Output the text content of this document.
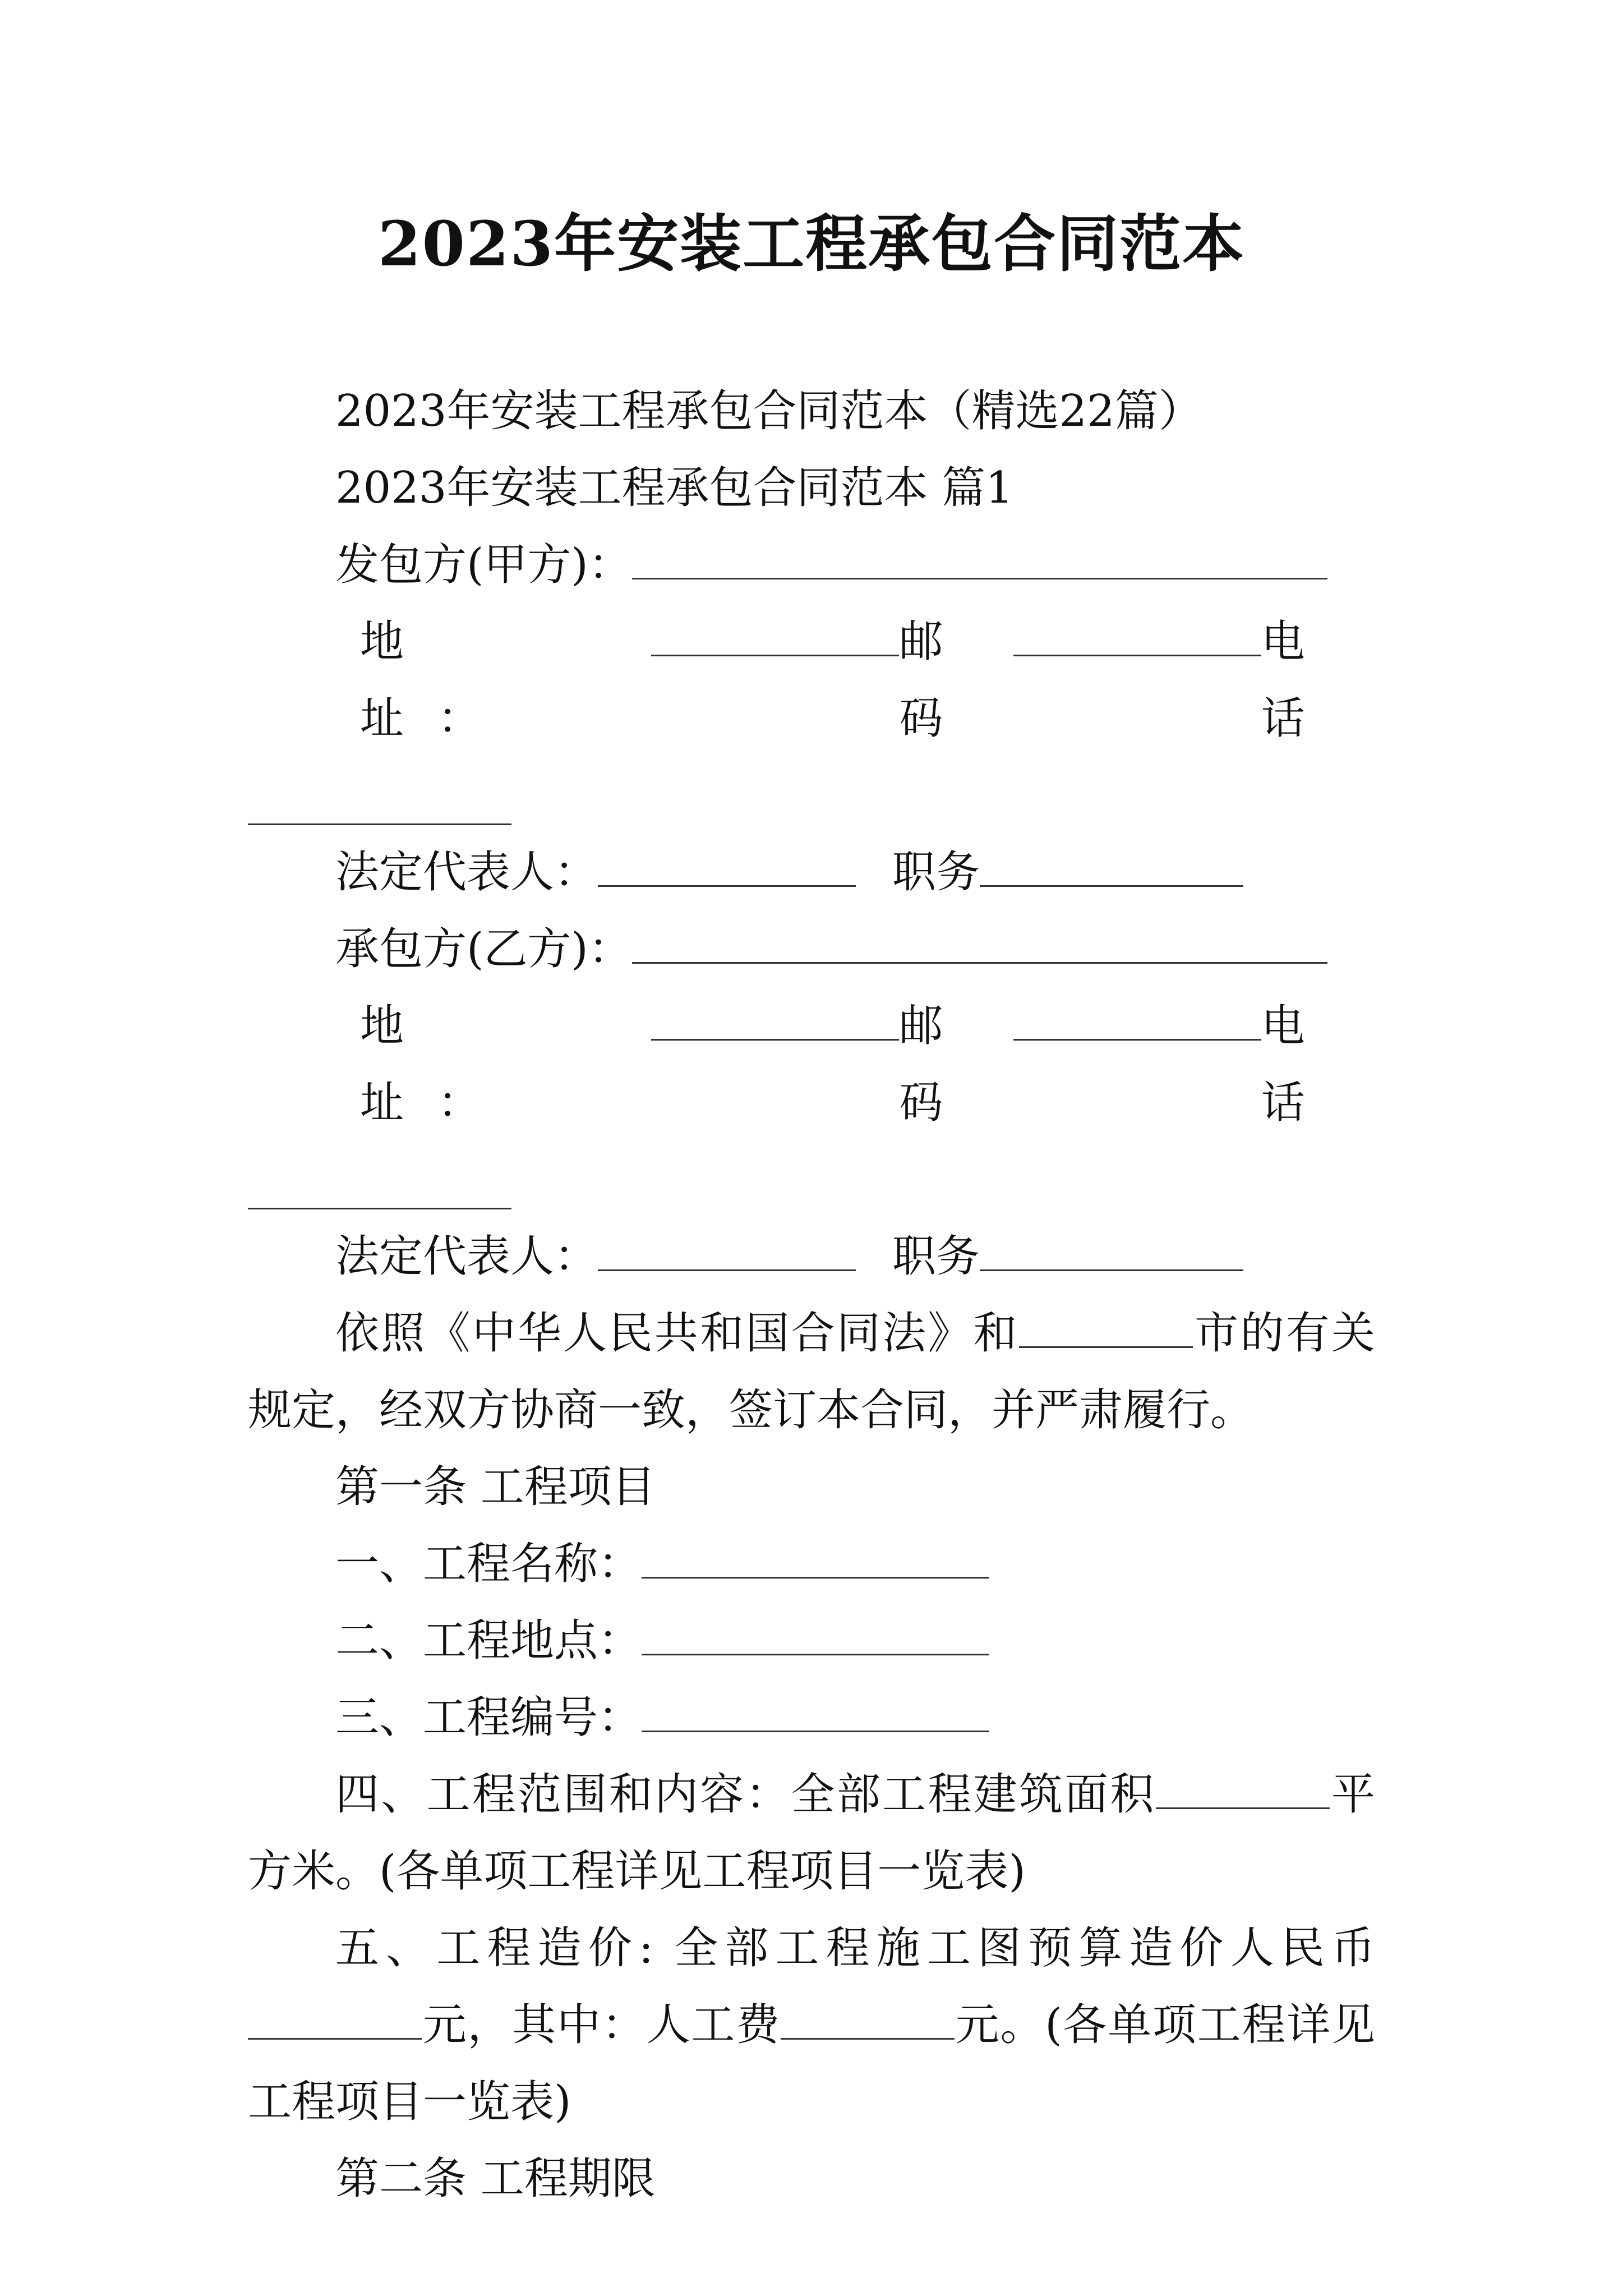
2023年安装工程承包合同范本

2023年安装工程承包合同范本（精选22篇）

2023年安装工程承包合同范本 篇1

发包方(甲方)：

地　址：
邮码
电话

法定代表人：	职务

承包方(乙方)：

地　址：
邮码
电话

法定代表人：	职务

依照《中华人民共和国合同法》和	市的有关规定，经双方协商一致，签订本合同，并严肃履行。

第一条 工程项目

一、工程名称：

二、工程地点：

三、工程编号：

四、工程范围和内容：全部工程建筑面积	平方米。(各单项工程详见工程项目一览表)

五、工程造价: 全部工程施工图预算造价人民币元，其中：人工费	元。(各单项工程详见工程项目一览表)

第二条 工程期限
